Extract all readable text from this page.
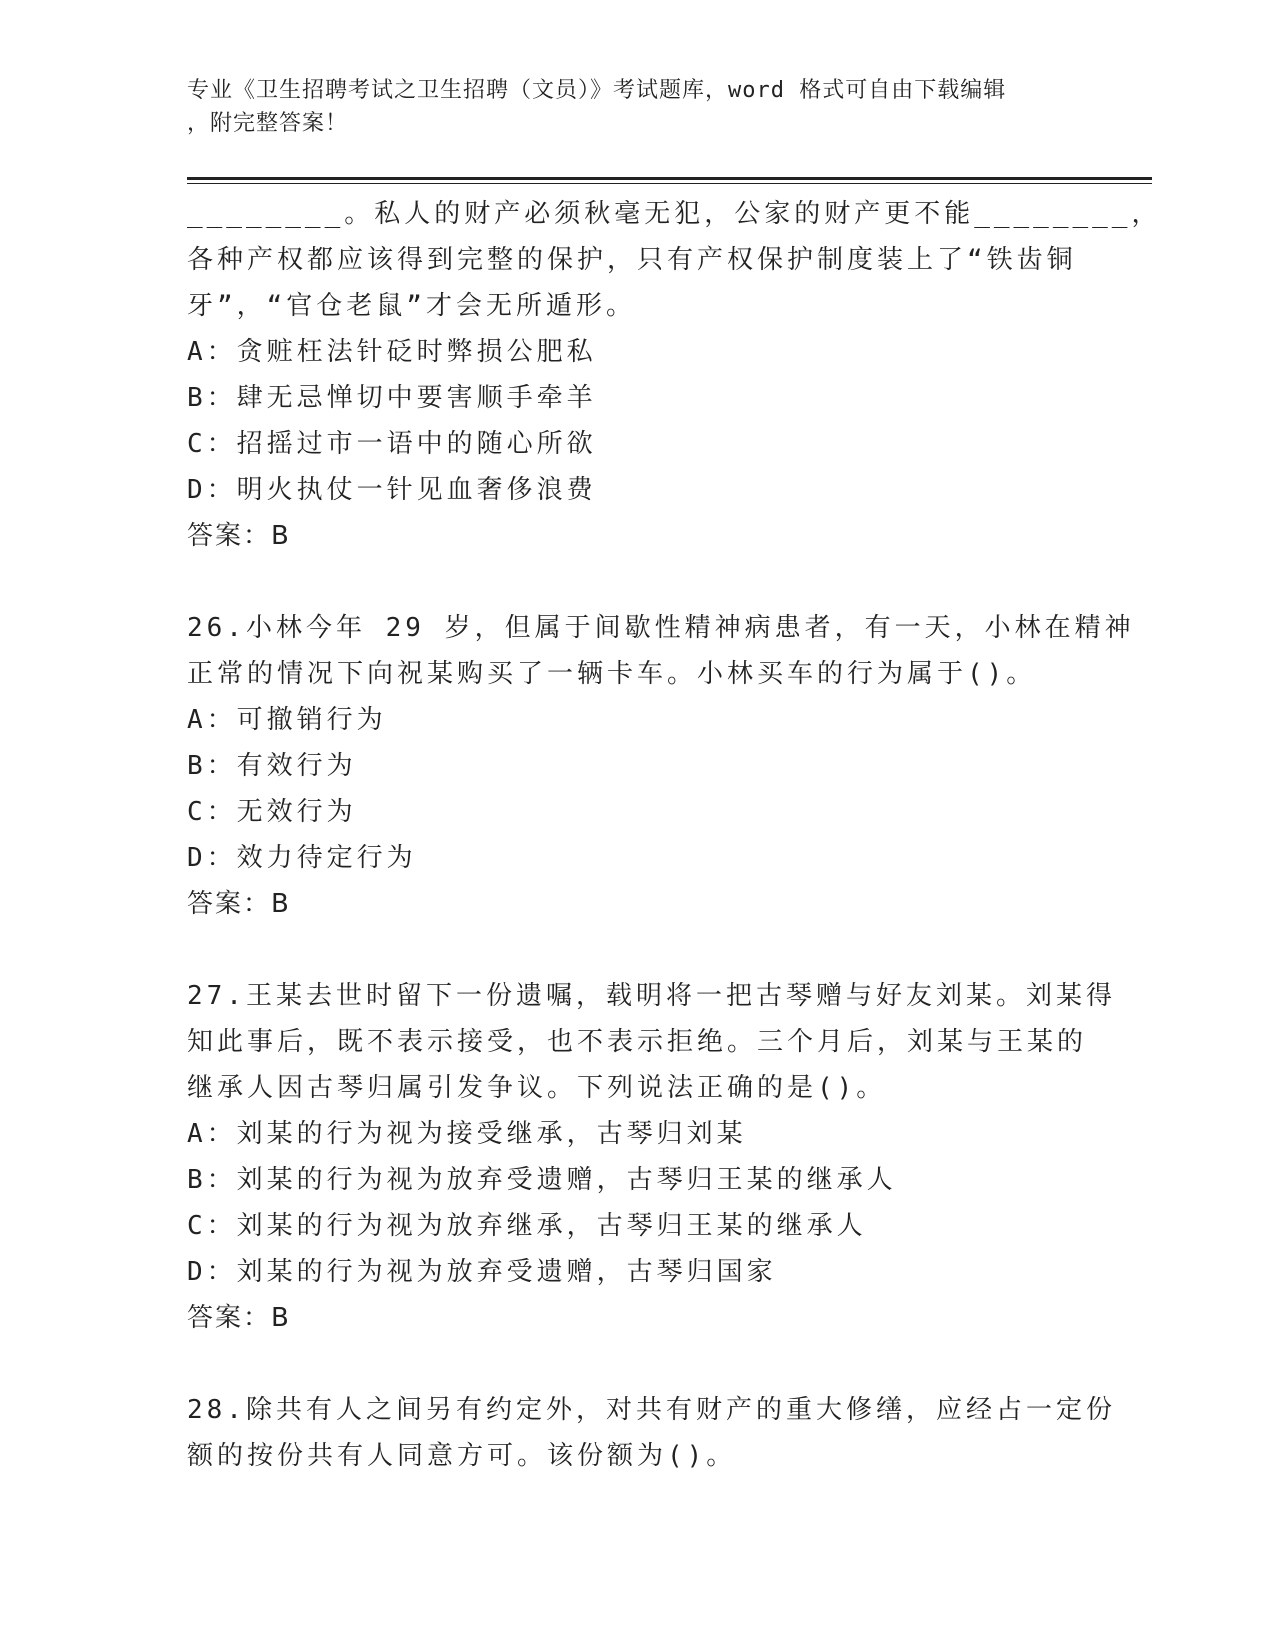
专业《卫生招聘考试之卫生招聘（文员）》考试题库，word 格式可自由下载编辑
，附完整答案！
________。私人的财产必须秋毫无犯，公家的财产更不能________，
各种产权都应该得到完整的保护，只有产权保护制度装上了“铁齿铜
牙”，“官仓老鼠”才会无所遁形。
A：贪赃枉法针砭时弊损公肥私
B：肆无忌惮切中要害顺手牵羊
C：招摇过市一语中的随心所欲
D：明火执仗一针见血奢侈浪费
答案：B
26.小林今年 29 岁，但属于间歇性精神病患者，有一天，小林在精神
正常的情况下向祝某购买了一辆卡车。小林买车的行为属于()。
A：可撤销行为
B：有效行为
C：无效行为
D：效力待定行为
答案：B
27.王某去世时留下一份遗嘱，载明将一把古琴赠与好友刘某。刘某得
知此事后，既不表示接受，也不表示拒绝。三个月后，刘某与王某的
继承人因古琴归属引发争议。下列说法正确的是()。
A：刘某的行为视为接受继承，古琴归刘某
B：刘某的行为视为放弃受遗赠，古琴归王某的继承人
C：刘某的行为视为放弃继承，古琴归王某的继承人
D：刘某的行为视为放弃受遗赠，古琴归国家
答案：B
28.除共有人之间另有约定外，对共有财产的重大修缮，应经占一定份
额的按份共有人同意方可。该份额为()。
